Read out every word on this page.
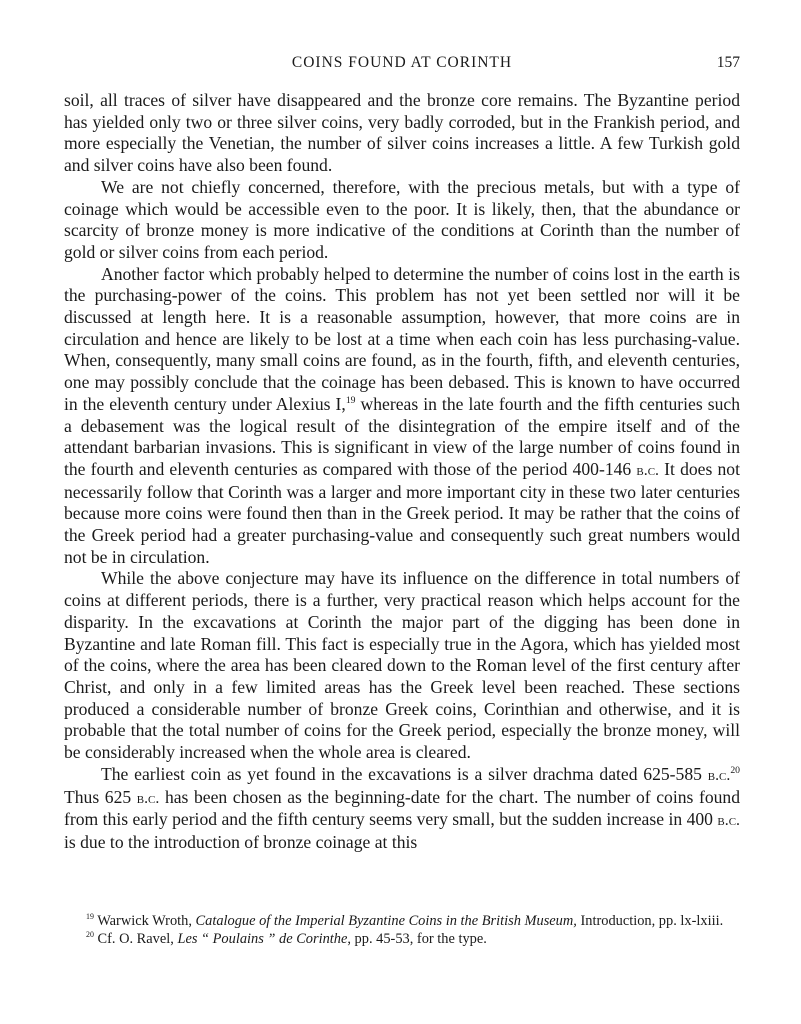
COINS FOUND AT CORINTH	157

soil, all traces of silver have disappeared and the bronze core remains. The Byzantine period has yielded only two or three silver coins, very badly corroded, but in the Frankish period, and more especially the Venetian, the number of silver coins increases a little. A few Turkish gold and silver coins have also been found.

We are not chiefly concerned, therefore, with the precious metals, but with a type of coinage which would be accessible even to the poor. It is likely, then, that the abundance or scarcity of bronze money is more indicative of the conditions at Corinth than the number of gold or silver coins from each period.

Another factor which probably helped to determine the number of coins lost in the earth is the purchasing-power of the coins. This problem has not yet been settled nor will it be discussed at length here. It is a reasonable assumption, however, that more coins are in circulation and hence are likely to be lost at a time when each coin has less purchasing-value. When, consequently, many small coins are found, as in the fourth, fifth, and eleventh centuries, one may possibly conclude that the coinage has been debased. This is known to have occurred in the eleventh century under Alexius I,$^{19}$ whereas in the late fourth and the fifth centuries such a debasement was the logical result of the disintegration of the empire itself and of the attendant barbarian invasions. This is significant in view of the large number of coins found in the fourth and eleventh centuries as compared with those of the period 400-146 b.c. It does not necessarily follow that Corinth was a larger and more important city in these two later centuries because more coins were found then than in the Greek period. It may be rather that the coins of the Greek period had a greater purchasing-value and consequently such great numbers would not be in circulation.

While the above conjecture may have its influence on the difference in total numbers of coins at different periods, there is a further, very practical reason which helps account for the disparity. In the excavations at Corinth the major part of the digging has been done in Byzantine and late Roman fill. This fact is especially true in the Agora, which has yielded most of the coins, where the area has been cleared down to the Roman level of the first century after Christ, and only in a few limited areas has the Greek level been reached. These sections produced a considerable number of bronze Greek coins, Corinthian and otherwise, and it is probable that the total number of coins for the Greek period, especially the bronze money, will be considerably increased when the whole area is cleared.

The earliest coin as yet found in the excavations is a silver drachma dated 625-585 b.c.$^{20}$ Thus 625 b.c. has been chosen as the beginning-date for the chart. The number of coins found from this early period and the fifth century seems very small, but the sudden increase in 400 b.c. is due to the introduction of bronze coinage at this

$^{19}$ Warwick Wroth, Catalogue of the Imperial Byzantine Coins in the British Museum, Introduction, pp. lx-lxiii.

$^{20}$ Cf. O. Ravel, Les “ Poulains ” de Corinthe, pp. 45-53, for the type.
